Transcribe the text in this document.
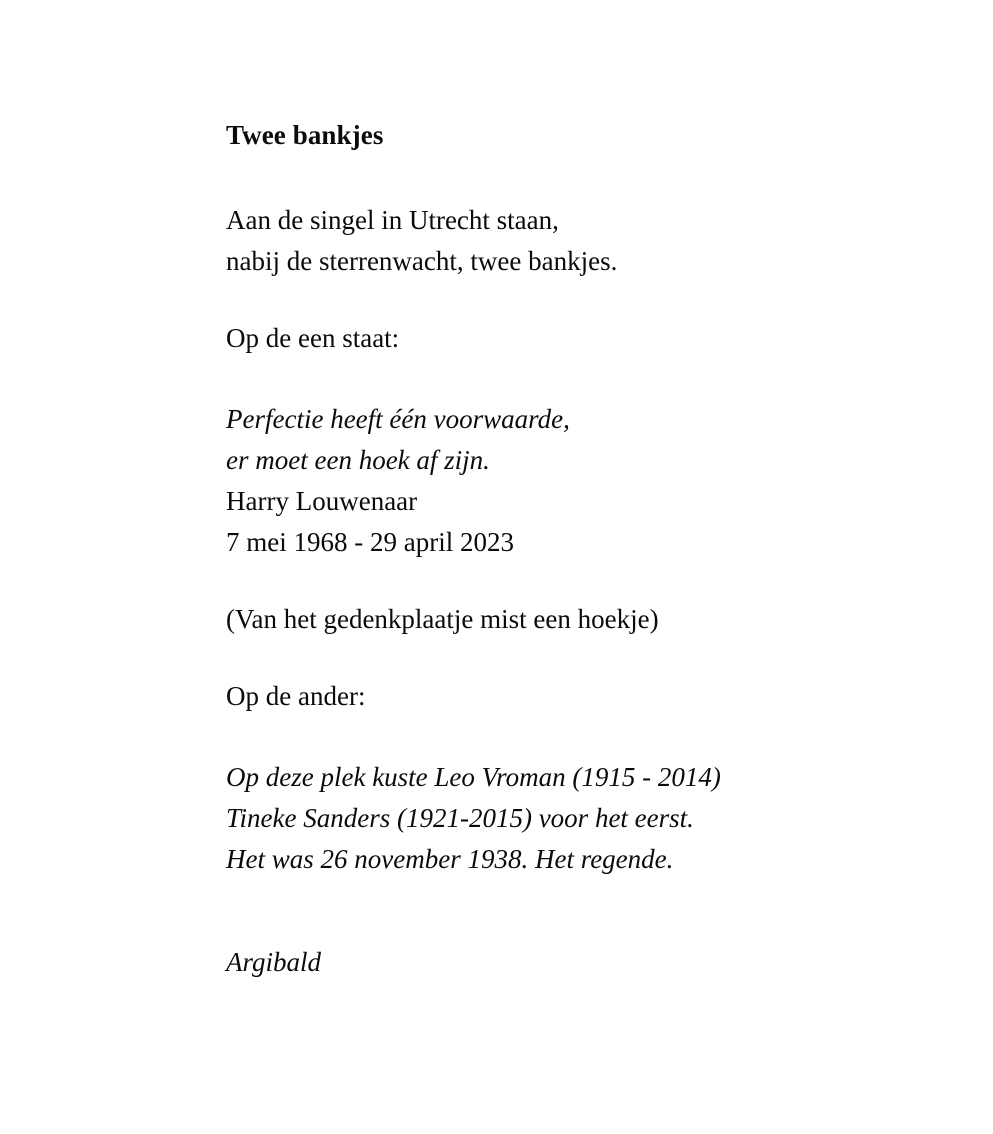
Twee bankjes

Aan de singel in Utrecht staan,
nabij de sterrenwacht, twee bankjes.

Op de een staat:

Perfectie heeft één voorwaarde,
er moet een hoek af zijn.
Harry Louwenaar
7 mei 1968 - 29 april 2023

(Van het gedenkplaatje mist een hoekje)

Op de ander:

Op deze plek kuste Leo Vroman (1915 - 2014)
Tineke Sanders (1921-2015) voor het eerst.
Het was 26 november 1938. Het regende.

Argibald
